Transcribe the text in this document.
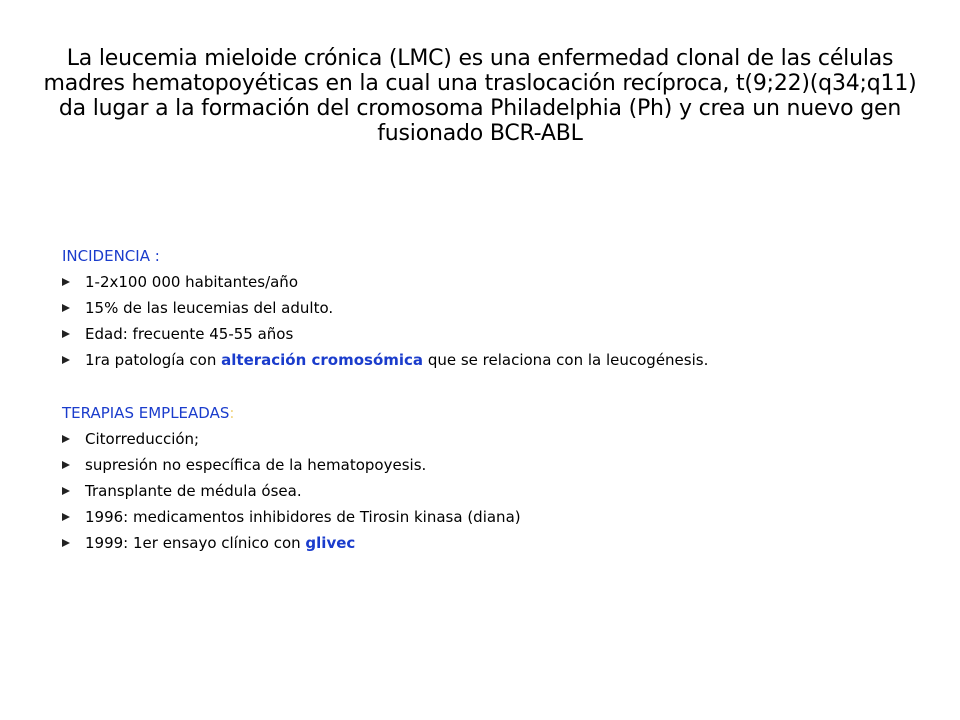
La leucemia mieloide crónica (LMC) es una enfermedad clonal de las células madres hematopoyéticas en la cual una traslocación recíproca, t(9;22)(q34;q11) da lugar a la formación del cromosoma Philadelphia (Ph) y crea un nuevo gen fusionado BCR-ABL
INCIDENCIA :
1-2x100 000 habitantes/año
15% de las leucemias del adulto.
Edad: frecuente 45-55 años
1ra patología con alteración cromosómica que se relaciona con la leucogénesis.
TERAPIAS EMPLEADAS:
Citorreducción;
supresión no específica de la hematopoyesis.
Transplante de médula ósea.
1996: medicamentos inhibidores de Tirosin kinasa (diana)
1999: 1er ensayo clínico con glivec
